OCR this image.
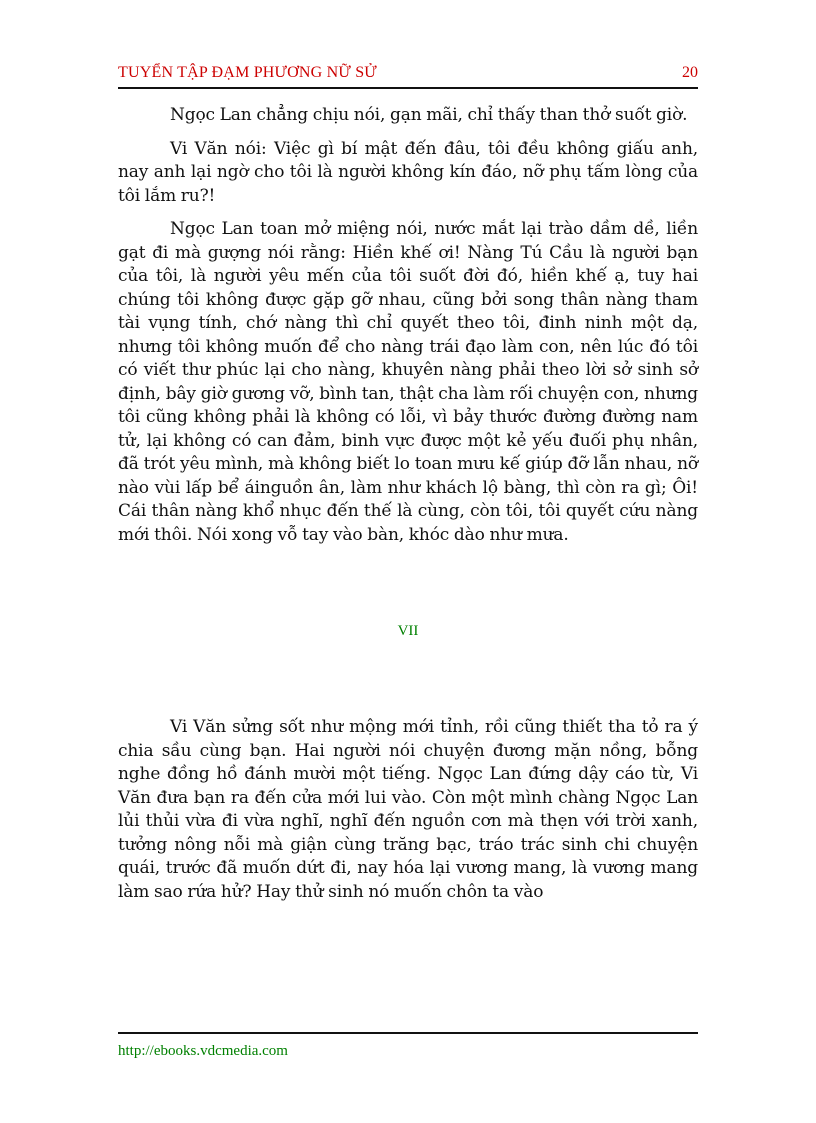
TUYỂN TẬP ĐẠM PHƯƠNG NỮ SỬ	20

Ngọc Lan chẳng chịu nói, gạn mãi, chỉ thấy than thở suốt giờ.

Vi Văn nói: Việc gì bí mật đến đâu, tôi đều không giấu anh, nay anh lại ngờ cho tôi là người không kín đáo, nỡ phụ tấm lòng của tôi lắm ru?!

Ngọc Lan toan mở miệng nói, nước mắt lại trào dầm dề, liền gạt đi mà gượng nói rằng: Hiền khế ơi! Nàng Tú Cầu là người bạn của tôi, là người yêu mến của tôi suốt đời đó, hiền khế ạ, tuy hai chúng tôi không được gặp gỡ nhau, cũng bởi song thân nàng tham tài vụng tính, chớ nàng thì chỉ quyết theo tôi, đinh ninh một dạ, nhưng tôi không muốn để cho nàng trái đạo làm con, nên lúc đó tôi có viết thư phúc lại cho nàng, khuyên nàng phải theo lời sở sinh sở định, bây giờ gương vỡ, bình tan, thật cha làm rối chuyện con, nhưng tôi cũng không phải là không có lỗi, vì bảy thước đường đường nam tử, lại không có can đảm, binh vực được một kẻ yếu đuối phụ nhân, đã trót yêu mình, mà không biết lo toan mưu kế giúp đỡ lẫn nhau, nỡ nào vùi lấp bể áinguồn ân, làm như khách lộ bàng, thì còn ra gì; Ôi! Cái thân nàng khổ nhục đến thế là cùng, còn tôi, tôi quyết cứu nàng mới thôi. Nói xong vỗ tay vào bàn, khóc dào như mưa.

VII

Vi Văn sửng sốt như mộng mới tỉnh, rồi cũng thiết tha tỏ ra ý chia sầu cùng bạn. Hai người nói chuyện đương mặn nồng, bỗng nghe đồng hồ đánh mười một tiếng. Ngọc Lan đứng dậy cáo từ, Vi Văn đưa bạn ra đến cửa mới lui vào. Còn một mình chàng Ngọc Lan lủi thủi vừa đi vừa nghĩ, nghĩ đến nguồn cơn mà thẹn với trời xanh, tưởng nông nỗi mà giận cùng trăng bạc, tráo trác sinh chi chuyện quái, trước đã muốn dứt đi, nay hóa lại vương mang, là vương mang làm sao rứa hử? Hay thử sinh nó muốn chôn ta vào

http://ebooks.vdcmedia.com
